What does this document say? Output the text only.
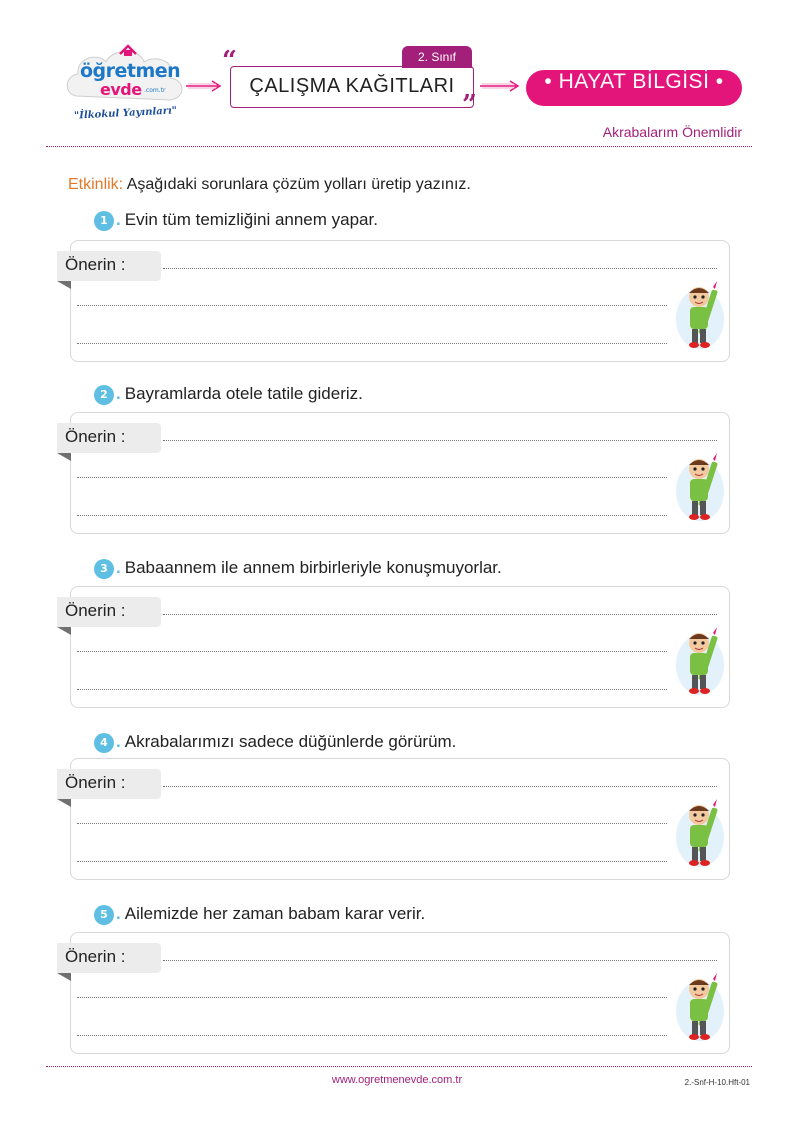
öğretmen
evde .com.tr
"İlkokul Yayınları"
“	2. Sınıf
ÇALIŞMA KAĞITLARI
”
• HAYAT BİLGİSİ •
Akrabalarım Önemlidir
Etkinlik: Aşağıdaki sorunlara çözüm yolları üretip yazınız.
1 . Evin tüm temizliğini annem yapar.
Önerin :
2 . Bayramlarda otele tatile gideriz.
Önerin :
3 . Babaannem ile annem birbirleriyle konuşmuyorlar.
Önerin :
4 . Akrabalarımızı sadece düğünlerde görürüm.
Önerin :
5 . Ailemizde her zaman babam karar verir.
Önerin :
www.ogretmenevde.com.tr	2.-Snf-H-10.Hft-01
